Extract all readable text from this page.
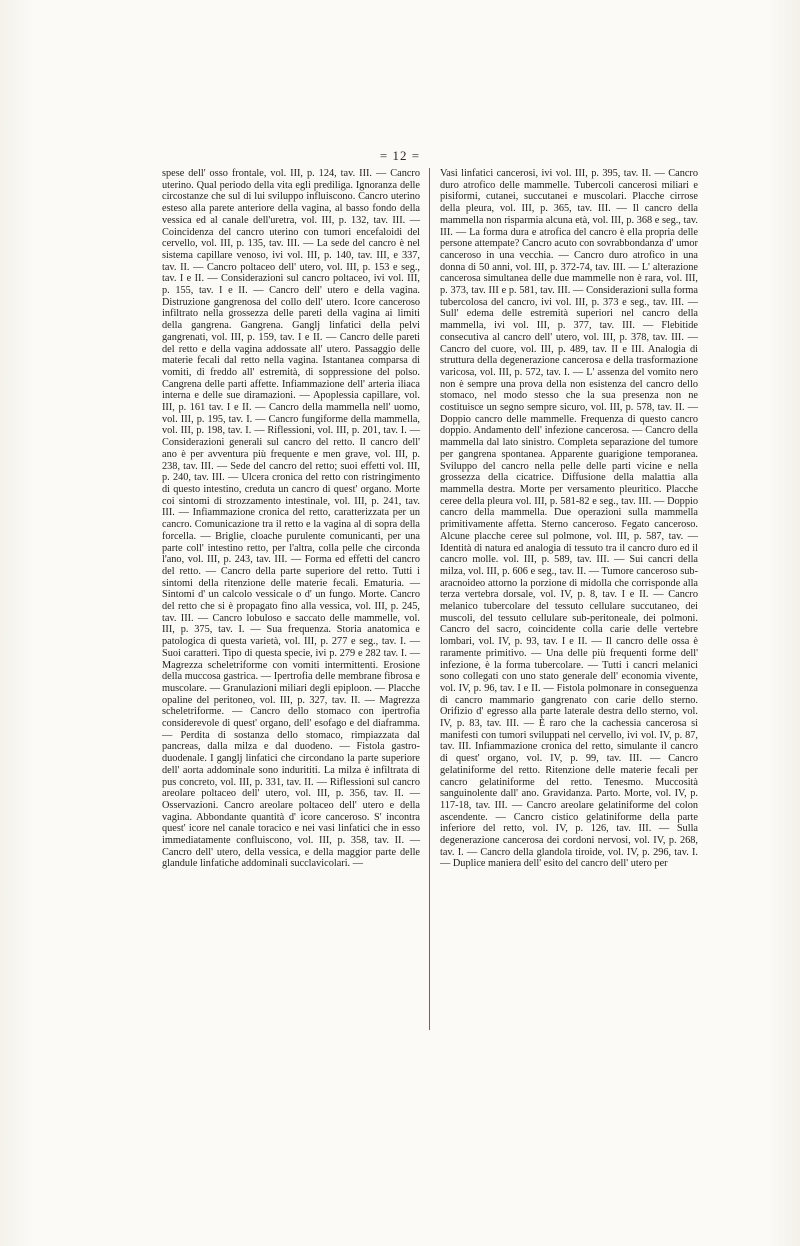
= 12 =

spese dell' osso frontale, vol. III, p. 124, tav. III. — Cancro uterino. Qual periodo della vita egli prediliga. Ignoranza delle circostanze che sul di lui sviluppo influiscono. Cancro uterino esteso alla parete anteriore della vagina, al basso fondo della vessica ed al canale dell'uretra, vol. III, p. 132, tav. III. — Coincidenza del cancro uterino con tumori encefaloidi del cervello, vol. III, p. 135, tav. III. — La sede del cancro è nel sistema capillare venoso, ivi vol. III, p. 140, tav. III, e 337, tav. II. — Cancro poltaceo dell' utero, vol. III, p. 153 e seg., tav. I e II. — Considerazioni sul cancro poltaceo, ivi vol. III, p. 155, tav. I e II. — Cancro dell' utero e della vagina. Distruzione gangrenosa del collo dell' utero. Icore canceroso infiltrato nella grossezza delle pareti della vagina ai limiti della gangrena. Gangrena. Ganglj linfatici della pelvi gangrenati, vol. III, p. 159, tav. I e II. — Cancro delle pareti del retto e della vagina addossate all' utero. Passaggio delle materie fecali dal retto nella vagina. Istantanea comparsa di vomiti, di freddo all' estremità, di soppressione del polso. Cangrena delle parti affette. Infiammazione dell' arteria iliaca interna e delle sue diramazioni. — Apoplessia capillare, vol. III, p. 161 tav. I e II. — Cancro della mammella nell' uomo, vol. III, p. 195, tav. I. — Cancro fungiforme della mammella, vol. III, p. 198, tav. I. — Riflessioni, vol. III, p. 201, tav. I. — Considerazioni generali sul cancro del retto. Il cancro dell' ano è per avventura più frequente e men grave, vol. III, p. 238, tav. III. — Sede del cancro del retto; suoi effetti vol. III, p. 240, tav. III. — Ulcera cronica del retto con ristringimento di questo intestino, creduta un cancro di quest' organo. Morte coi sintomi di strozzamento intestinale, vol. III, p. 241, tav. III. — Infiammazione cronica del retto, caratterizzata per un cancro. Comunicazione tra il retto e la vagina al di sopra della forcella. — Briglie, cloache purulente comunicanti, per una parte coll' intestino retto, per l'altra, colla pelle che circonda l'ano, vol. III, p. 243, tav. III. — Forma ed effetti del cancro del retto. — Cancro della parte superiore del retto. Tutti i sintomi della ritenzione delle materie fecali. Ematuria. — Sintomi d' un calcolo vessicale o d' un fungo. Morte. Cancro del retto che si è propagato fino alla vessica, vol. III, p. 245, tav. III. — Cancro lobuloso e saccato delle mammelle, vol. III, p. 375, tav. I. — Sua frequenza. Storia anatomica e patologica di questa varietà, vol. III, p. 277 e seg., tav. I. — Suoi caratteri. Tipo di questa specie, ivi p. 279 e 282 tav. I. — Magrezza scheletriforme con vomiti intermittenti. Erosione della muccosa gastrica. — Ipertrofia delle membrane fibrosa e muscolare. — Granulazioni miliari degli epiploon. — Placche opaline del peritoneo, vol. III, p. 327, tav. II. — Magrezza scheletriforme. — Cancro dello stomaco con ipertrofia considerevole di quest' organo, dell' esofago e del diaframma. — Perdita di sostanza dello stomaco, rimpiazzata dal pancreas, dalla milza e dal duodeno. — Fistola gastro-duodenale. I ganglj linfatici che circondano la parte superiore dell' aorta addominale sono indurititi. La milza è infiltrata di pus concreto, vol. III, p. 331, tav. II. — Riflessioni sul cancro areolare poltaceo dell' utero, vol. III, p. 356, tav. II. — Osservazioni. Cancro areolare poltaceo dell' utero e della vagina. Abbondante quantità d' icore canceroso. S' incontra quest' icore nel canale toracico e nei vasi linfatici che in esso immediatamente confluiscono, vol. III, p. 358, tav. II. — Cancro dell' utero, della vessica, e della maggior parte delle glandule linfatiche addominali succlavicolari. —

Vasi linfatici cancerosi, ivi vol. III, p. 395, tav. II. — Cancro duro atrofico delle mammelle. Tubercoli cancerosi miliari e pisiformi, cutanei, succutanei e muscolari. Placche cirrose della pleura, vol. III, p. 365, tav. III. — Il cancro della mammella non risparmia alcuna età, vol. III, p. 368 e seg., tav. III. — La forma dura e atrofica del cancro è ella propria delle persone attempate? Cancro acuto con sovrabbondanza d' umor canceroso in una vecchia. — Cancro duro atrofico in una donna di 50 anni, vol. III, p. 372-74, tav. III. — L' alterazione cancerosa simultanea delle due mammelle non è rara, vol. III, p. 373, tav. III e p. 581, tav. III. — Considerazioni sulla forma tubercolosa del cancro, ivi vol. III, p. 373 e seg., tav. III. — Sull' edema delle estremità superiori nel cancro della mammella, ivi vol. III, p. 377, tav. III. — Flebitide consecutiva al cancro dell' utero, vol. III, p. 378, tav. III. — Cancro del cuore, vol. III, p. 489, tav. II e III. Analogia di struttura della degenerazione cancerosa e della trasformazione varicosa, vol. III, p. 572, tav. I. — L' assenza del vomito nero non è sempre una prova della non esistenza del cancro dello stomaco, nel modo stesso che la sua presenza non ne costituisce un segno sempre sicuro, vol. III, p. 578, tav. II. — Doppio cancro delle mammelle. Frequenza di questo cancro doppio. Andamento dell' infezione cancerosa. — Cancro della mammella dal lato sinistro. Completa separazione del tumore per gangrena spontanea. Apparente guarigione temporanea. Sviluppo del cancro nella pelle delle parti vicine e nella grossezza della cicatrice. Diffusione della malattia alla mammella destra. Morte per versamento pleuritico. Placche ceree della pleura vol. III, p. 581-82 e seg., tav. III. — Doppio cancro della mammella. Due operazioni sulla mammella primitivamente affetta. Sterno canceroso. Fegato canceroso. Alcune placche ceree sul polmone, vol. III, p. 587, tav. — Identità di natura ed analogia di tessuto tra il cancro duro ed il cancro molle. vol. III, p. 589, tav. III. — Sui cancri della milza, vol. III, p. 606 e seg., tav. II. — Tumore canceroso sub-aracnoideo attorno la porzione di midolla che corrisponde alla terza vertebra dorsale, vol. IV, p. 8, tav. I e II. — Cancro melanico tubercolare del tessuto cellulare succutaneo, dei muscoli, del tessuto cellulare sub-peritoneale, dei polmoni. Cancro del sacro, coincidente colla carie delle vertebre lombari, vol. IV, p. 93, tav. I e II. — Il cancro delle ossa è raramente primitivo. — Una delle più frequenti forme dell' infezione, è la forma tubercolare. — Tutti i cancri melanici sono collegati con uno stato generale dell' economia vivente, vol. IV, p. 96, tav. I e II. — Fistola polmonare in conseguenza di cancro mammario gangrenato con carie dello sterno. Orifizio d' egresso alla parte laterale destra dello sterno, vol. IV, p. 83, tav. III. — È raro che la cachessia cancerosa si manifesti con tumori sviluppati nel cervello, ivi vol. IV, p. 87, tav. III. Infiammazione cronica del retto, simulante il cancro di quest' organo, vol. IV, p. 99, tav. III. — Cancro gelatiniforme del retto. Ritenzione delle materie fecali per cancro gelatiniforme del retto. Tenesmo. Muccosità sanguinolente dall' ano. Gravidanza. Parto. Morte, vol. IV, p. 117-18, tav. III. — Cancro areolare gelatiniforme del colon ascendente. — Cancro cistico gelatiniforme della parte inferiore del retto, vol. IV, p. 126, tav. III. — Sulla degenerazione cancerosa dei cordoni nervosi, vol. IV, p. 268, tav. I. — Cancro della glandola tiroide, vol. IV, p. 296, tav. I. — Duplice maniera dell' esito del cancro dell' utero per
